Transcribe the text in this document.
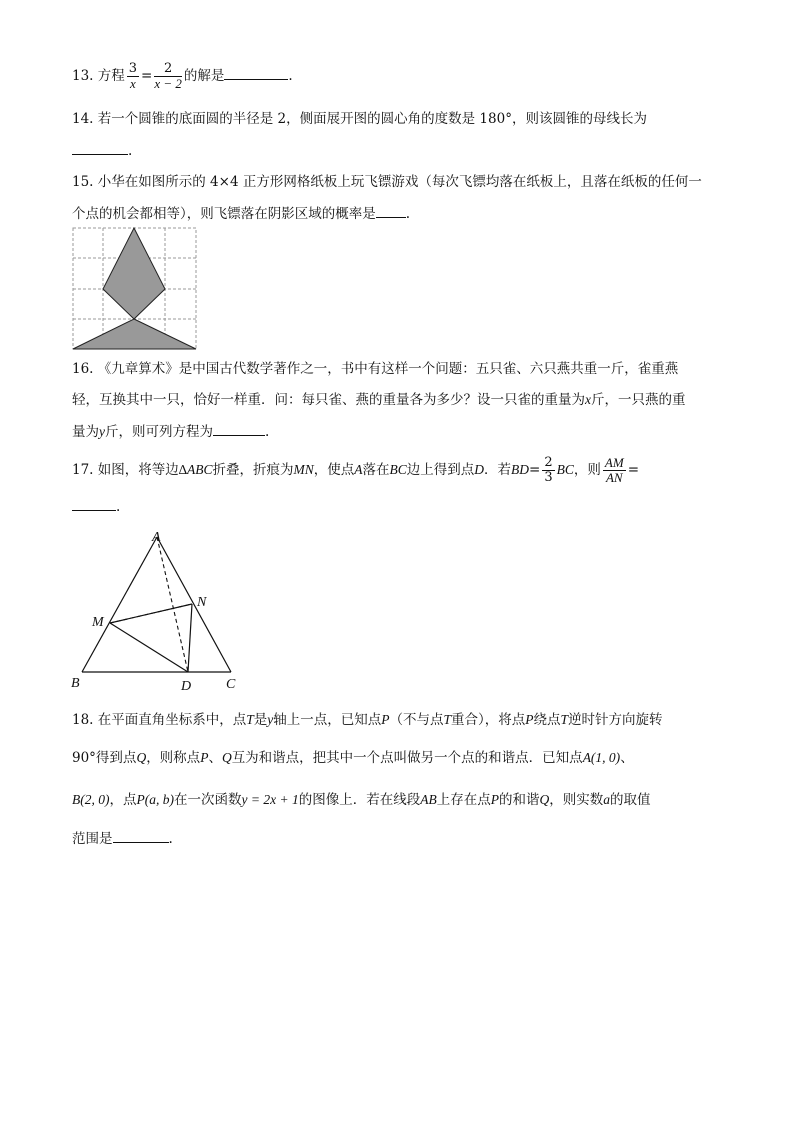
13. 方程 $\frac{3}{x} = \frac{2}{x - 2}$ 的解是	.
14. 若一个圆锥的底面圆的半径是 2，侧面展开图的圆心角的度数是 180°，则该圆锥的母线长为
.
15. 小华在如图所示的 4×4 正方形网格纸板上玩飞镖游戏（每次飞镖均落在纸板上，且落在纸板的任何一
个点的机会都相等），则飞镖落在阴影区域的概率是 .
16. 《九章算术》是中国古代数学著作之一，书中有这样一个问题：五只雀、六只燕共重一斤，雀重燕
轻，互换其中一只，恰好一样重．问：每只雀、燕的重量各为多少？设一只雀的重量为x斤，一只燕的重
量为y斤，则可列方程为	.
17. 如图，将等边∆ABC折叠，折痕为MN，使点A落在BC边上得到点D．若$BD= \frac{2}{3}$ BC，则 $\frac{AM}{AN}$ =
.
A
B	C
D
M
N
18. 在平面直角坐标系中，点T是y轴上一点，已知点P（不与点T重合），将点P绕点T逆时针方向旋转
90°得到点Q，则称点P、Q互为和谐点，把其中一个点叫做另一个点的和谐点．已知点A(1, 0)、
B(2, 0)，点P(a, b)在一次函数y = 2x + 1的图像上．若在线段AB上存在点P的和谐Q，则实数a的取值
范围是	.
